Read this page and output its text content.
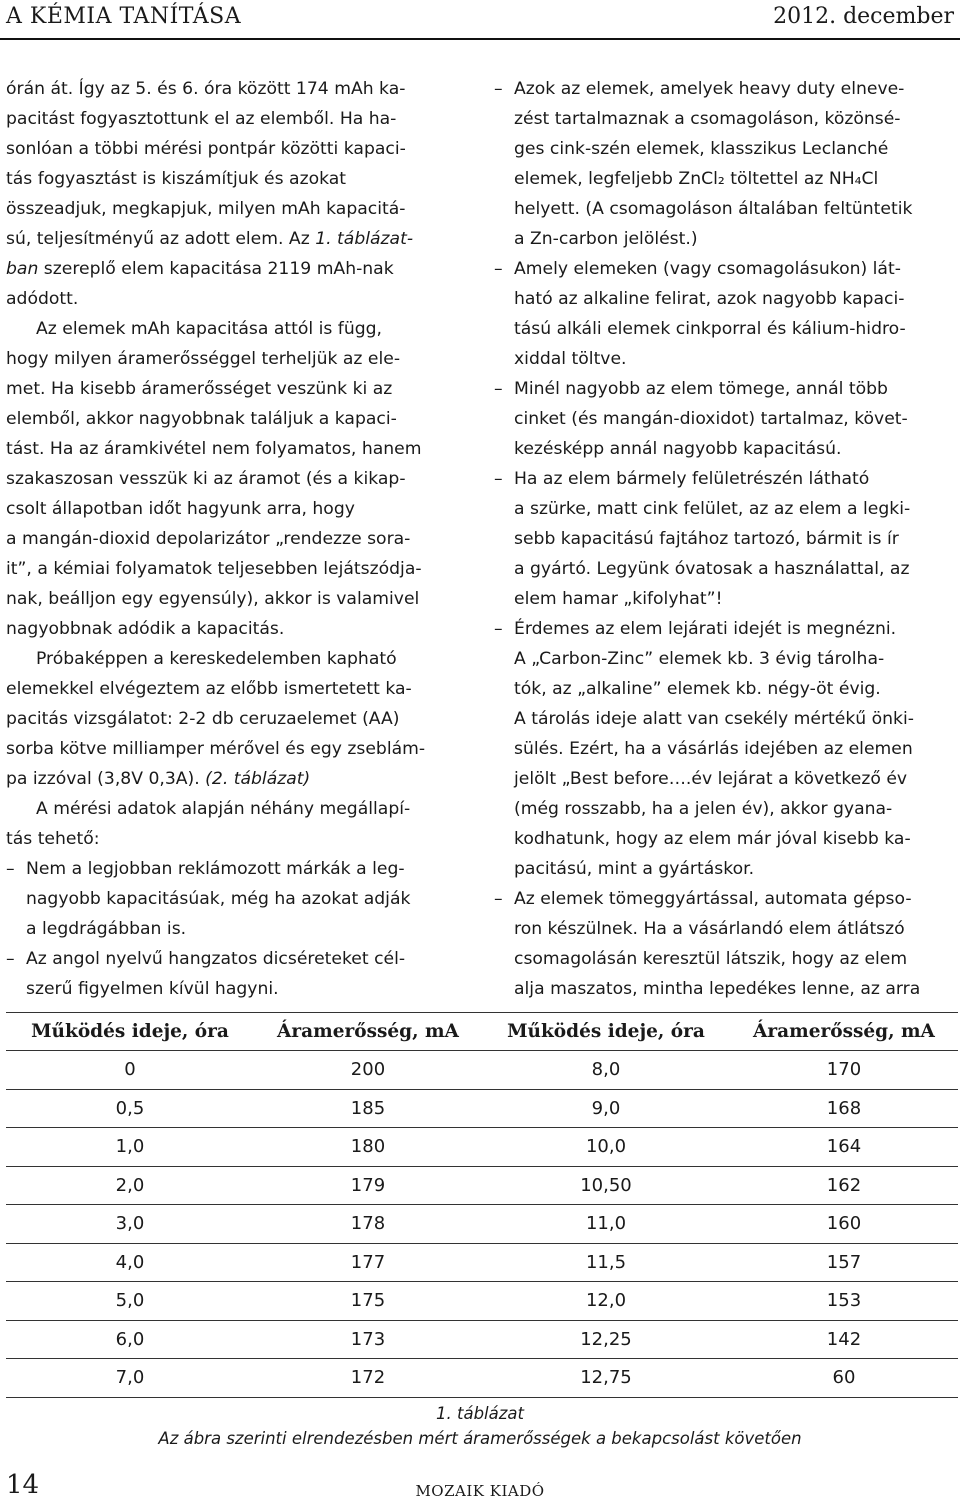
A KÉMIA TANÍTÁSA	2012. december

órán át. Így az 5. és 6. óra között 174 mAh ka-
pacitást fogyasztottunk el az elemből. Ha ha-
sonlóan a többi mérési pontpár közötti kapaci-
tás fogyasztást is kiszámítjuk és azokat
összeadjuk, megkapjuk, milyen mAh kapacitá-
sú, teljesítményű az adott elem. Az 1. táblázat-
ban szereplő elem kapacitása 2119 mAh-nak
adódott.

Az elemek mAh kapacitása attól is függ,
hogy milyen áramerősséggel terheljük az ele-
met. Ha kisebb áramerősséget veszünk ki az
elemből, akkor nagyobbnak találjuk a kapaci-
tást. Ha az áramkivétel nem folyamatos, hanem
szakaszosan vesszük ki az áramot (és a kikap-
csolt állapotban időt hagyunk arra, hogy
a mangán-dioxid depolarizátor „rendezze sora-
it”, a kémiai folyamatok teljesebben lejátszódja-
nak, beálljon egy egyensúly), akkor is valamivel
nagyobbnak adódik a kapacitás.

Próbaképpen a kereskedelemben kapható
elemekkel elvégeztem az előbb ismertetett ka-
pacitás vizsgálatot: 2-2 db ceruzaelemet (AA)
sorba kötve milliamper mérővel és egy zseblám-
pa izzóval (3,8V 0,3A). (2. táblázat)

A mérési adatok alapján néhány megállapí-
tás tehető:

– Nem a legjobban reklámozott márkák a leg-
nagyobb kapacitásúak, még ha azokat adják
a legdrágábban is.
– Az angol nyelvű hangzatos dicséreteket cél-
szerű figyelmen kívül hagyni.
– Azok az elemek, amelyek heavy duty elneve-
zést tartalmaznak a csomagoláson, közönsé-
ges cink-szén elemek, klasszikus Leclanché
elemek, legfeljebb ZnCl₂ töltettel az NH₄Cl
helyett. (A csomagoláson általában feltüntetik
a Zn-carbon jelölést.)
– Amely elemeken (vagy csomagolásukon) lát-
ható az alkaline felirat, azok nagyobb kapaci-
tású alkáli elemek cinkporral és kálium-hidro-
xiddal töltve.
– Minél nagyobb az elem tömege, annál több
cinket (és mangán-dioxidot) tartalmaz, követ-
kezésképp annál nagyobb kapacitású.
– Ha az elem bármely felületrészén látható
a szürke, matt cink felület, az az elem a legki-
sebb kapacitású fajtához tartozó, bármit is ír
a gyártó. Legyünk óvatosak a használattal, az
elem hamar „kifolyhat”!
– Érdemes az elem lejárati idejét is megnézni.
A „Carbon-Zinc” elemek kb. 3 évig tárolha-
tók, az „alkaline” elemek kb. négy-öt évig.
A tárolás ideje alatt van csekély mértékű önki-
sülés. Ezért, ha a vásárlás idejében az elemen
jelölt „Best before….év lejárat a következő év
(még rosszabb, ha a jelen év), akkor gyana-
kodhatunk, hogy az elem már jóval kisebb ka-
pacitású, mint a gyártáskor.
– Az elemek tömeggyártással, automata gépso-
ron készülnek. Ha a vásárlandó elem átlátszó
csomagolásán keresztül látszik, hogy az elem
alja maszatos, mintha lepedékes lenne, az arra
Működés ideje, óra	Áramerősség, mA	Működés ideje, óra	Áramerősség, mA
0	200	8,0	170
0,5	185	9,0	168
1,0	180	10,0	164
2,0	179	10,50	162
3,0	178	11,0	160
4,0	177	11,5	157
5,0	175	12,0	153
6,0	173	12,25	142
7,0	172	12,75	60
1. táblázat
Az ábra szerinti elrendezésben mért áramerősségek a bekapcsolást követően
14	MOZAIK KIADÓ
